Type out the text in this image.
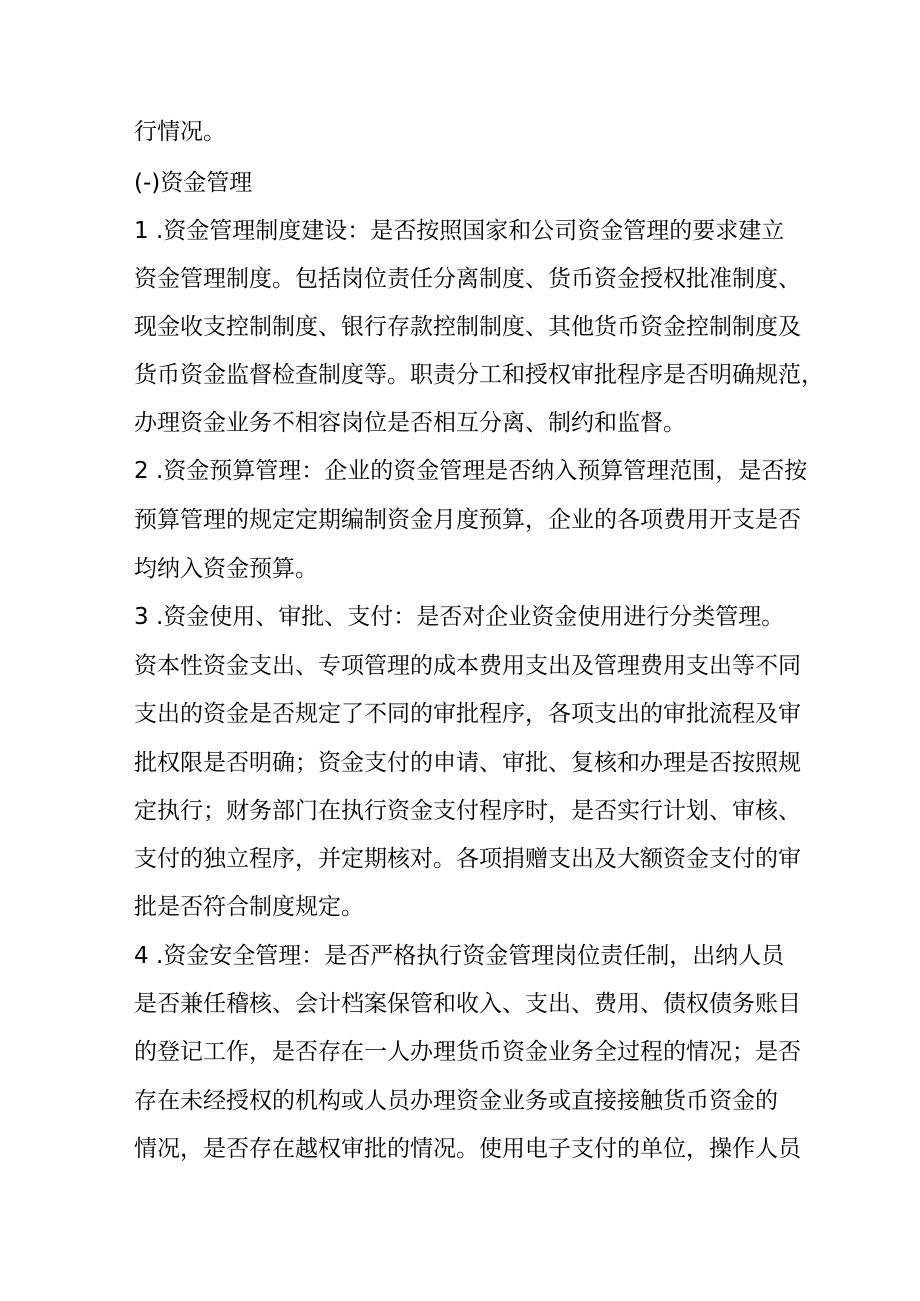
行情况。
(-)资金管理
1 .资金管理制度建设：是否按照国家和公司资金管理的要求建立
资金管理制度。包括岗位责任分离制度、货币资金授权批准制度、
现金收支控制制度、银行存款控制制度、其他货币资金控制制度及
货币资金监督检查制度等。职责分工和授权审批程序是否明确规范，
办理资金业务不相容岗位是否相互分离、制约和监督。
2 .资金预算管理：企业的资金管理是否纳入预算管理范围，是否按
预算管理的规定定期编制资金月度预算，企业的各项费用开支是否
均纳入资金预算。
3 .资金使用、审批、支付：是否对企业资金使用进行分类管理。
资本性资金支出、专项管理的成本费用支出及管理费用支出等不同
支出的资金是否规定了不同的审批程序，各项支出的审批流程及审
批权限是否明确；资金支付的申请、审批、复核和办理是否按照规
定执行；财务部门在执行资金支付程序时，是否实行计划、审核、
支付的独立程序，并定期核对。各项捐赠支出及大额资金支付的审
批是否符合制度规定。
4 .资金安全管理：是否严格执行资金管理岗位责任制，出纳人员
是否兼任稽核、会计档案保管和收入、支出、费用、债权债务账目
的登记工作，是否存在一人办理货币资金业务全过程的情况；是否
存在未经授权的机构或人员办理资金业务或直接接触货币资金的
情况，是否存在越权审批的情况。使用电子支付的单位，操作人员
